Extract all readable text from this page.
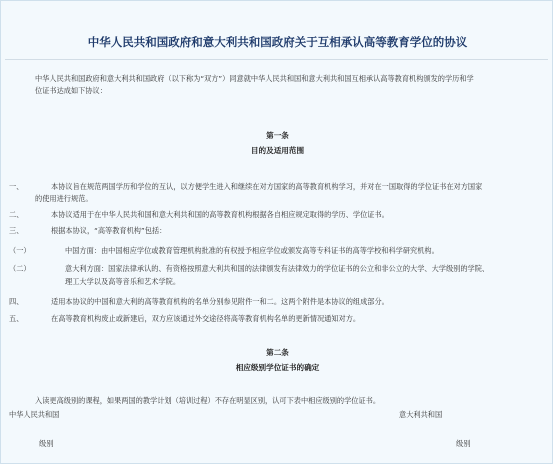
中华人民共和国政府和意大利共和国政府关于互相承认高等教育学位的协议
中华人民共和国政府和意大利共和国政府（以下称为“双方”）同意就中华人民共和国和意大利共和国互相承认高等教育机构颁发的学历和学
位证书达成如下协议：
第一条
目的及适用范围
一、	本协议旨在规范两国学历和学位的互认，以方便学生进入和继续在对方国家的高等教育机构学习，并对在一国取得的学位证书在对方国家
的使用进行规范。
二、	本协议适用于在中华人民共和国和意大利共和国的高等教育机构根据各自相应规定取得的学历、学位证书。
三、	根据本协议，“高等教育机构”包括：
（一）	中国方面：由中国相应学位或教育管理机构批准的有权授予相应学位或颁发高等专科证书的高等学校和科学研究机构。
（二）	意大利方面：国家法律承认的、有资格按照意大利共和国的法律颁发有法律效力的学位证书的公立和非公立的大学、大学级别的学院、
理工大学以及高等音乐和艺术学院。
四、	适用本协议的中国和意大利的高等教育机构的名单分别参见附件一和二。这两个附件是本协议的组成部分。
五、	在高等教育机构废止或新建后，双方应该通过外交途径将高等教育机构名单的更新情况通知对方。
第二条
相应级别学位证书的确定
入读更高级别的课程，如果两国的教学计划（培训过程）不存在明显区别，认可下表中相应级别的学位证书。
中华人民共和国	意大利共和国
级别	级别
